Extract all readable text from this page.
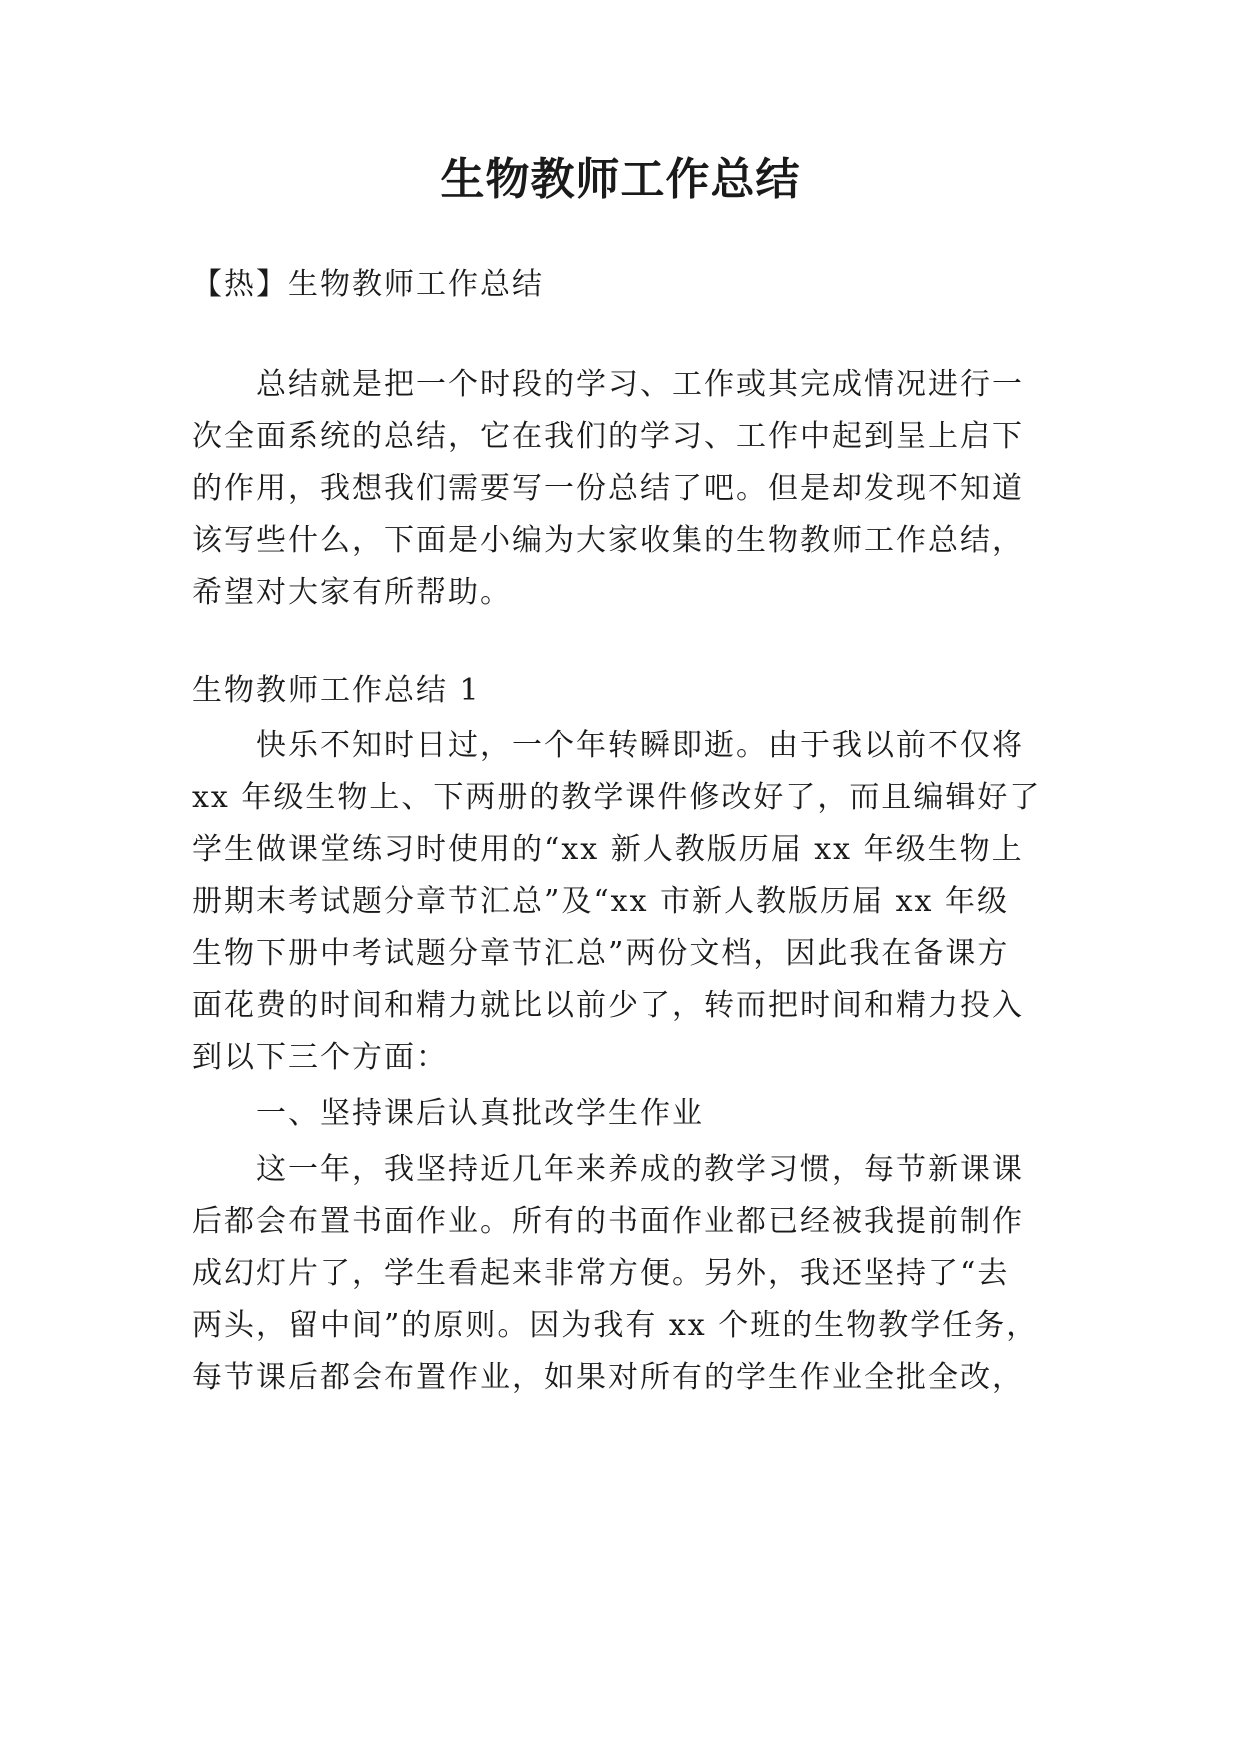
生物教师工作总结
【热】生物教师工作总结
总结就是把一个时段的学习、工作或其完成情况进行一
次全面系统的总结，它在我们的学习、工作中起到呈上启下
的作用，我想我们需要写一份总结了吧。但是却发现不知道
该写些什么，下面是小编为大家收集的生物教师工作总结，
希望对大家有所帮助。
生物教师工作总结 1
快乐不知时日过，一个年转瞬即逝。由于我以前不仅将
xx 年级生物上、下两册的教学课件修改好了，而且编辑好了
学生做课堂练习时使用的“xx 新人教版历届 xx 年级生物上
册期末考试题分章节汇总”及“xx 市新人教版历届 xx 年级
生物下册中考试题分章节汇总”两份文档，因此我在备课方
面花费的时间和精力就比以前少了，转而把时间和精力投入
到以下三个方面：
一、坚持课后认真批改学生作业
这一年，我坚持近几年来养成的教学习惯，每节新课课
后都会布置书面作业。所有的书面作业都已经被我提前制作
成幻灯片了，学生看起来非常方便。另外，我还坚持了“去
两头，留中间”的原则。因为我有 xx 个班的生物教学任务，
每节课后都会布置作业，如果对所有的学生作业全批全改，
